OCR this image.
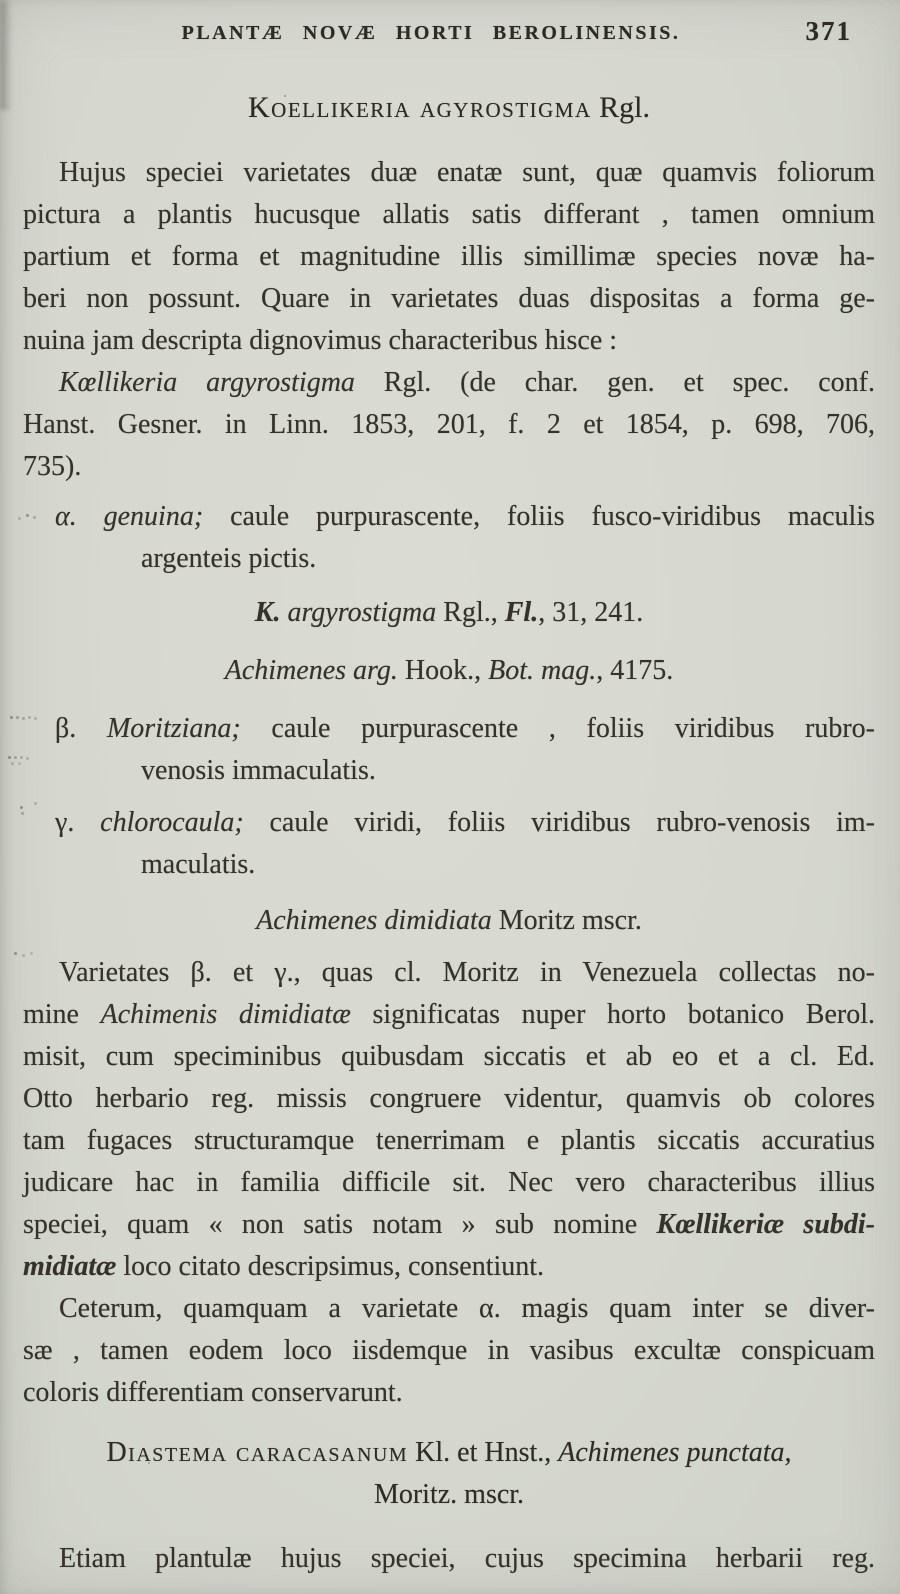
PLANTÆ NOVÆ HORTI BEROLINENSIS.	371
Koellikeria agyrostigma Rgl.
Hujus speciei varietates duæ enatæ sunt, quæ quamvis foliorum
pictura a plantis hucusque allatis satis differant , tamen omnium
partium et forma et magnitudine illis simillimæ species novæ ha-
beri non possunt. Quare in varietates duas dispositas a forma ge-
nuina jam descripta dignovimus characteribus hisce :
Kœllikeria argyrostigma Rgl. (de char. gen. et spec. conf.
Hanst. Gesner. in Linn. 1853, 201, f. 2 et 1854, p. 698, 706,
735).
α. genuina; caule purpurascente, foliis fusco-viridibus maculis
argenteis pictis.
K. argyrostigma Rgl., Fl., 31, 241.
Achimenes arg. Hook., Bot. mag., 4175.
β. Moritziana; caule purpurascente , foliis viridibus rubro-
venosis immaculatis.
γ. chlorocaula; caule viridi, foliis viridibus rubro-venosis im-
maculatis.
Achimenes dimidiata Moritz mscr.
Varietates β. et γ., quas cl. Moritz in Venezuela collectas no-
mine Achimenis dimidiatæ significatas nuper horto botanico Berol.
misit, cum speciminibus quibusdam siccatis et ab eo et a cl. Ed.
Otto herbario reg. missis congruere videntur, quamvis ob colores
tam fugaces structuramque tenerrimam e plantis siccatis accuratius
judicare hac in familia difficile sit. Nec vero characteribus illius
speciei, quam « non satis notam » sub nomine Kœllikeriæ subdi-
midiatæ loco citato descripsimus, consentiunt.
Ceterum, quamquam a varietate α. magis quam inter se diver-
sæ , tamen eodem loco iisdemque in vasibus excultæ conspicuam
coloris differentiam conservarunt.
Diastema caracasanum Kl. et Hnst., Achimenes punctata,
Moritz. mscr.
Etiam plantulæ hujus speciei, cujus specimina herbarii reg.
